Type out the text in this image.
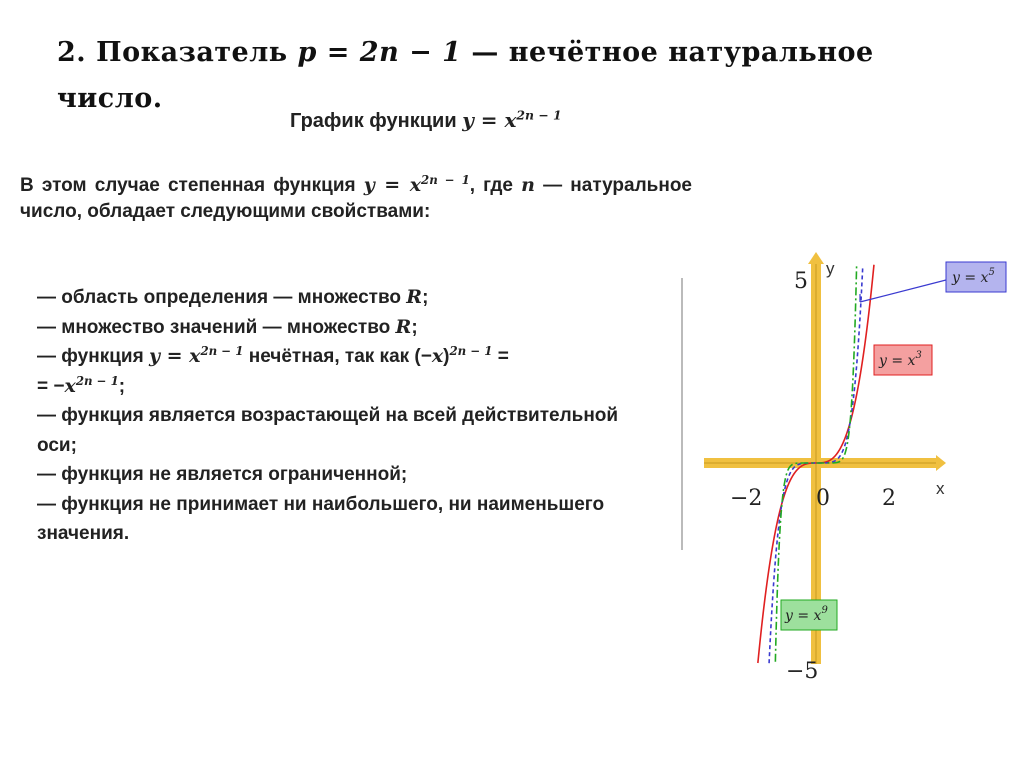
2. Показатель p = 2n − 1 — нечётное натуральное
число.
График функции $y = x^{2n - 1}$
В этом случае степенная функция $y = x^{2n - 1}$, где n — натуральное число, обладает следующими свойствами:

— область определения — множество R;

— множество значений — множество R;

— функция $y = x^{2n - 1}$ нечётная, так как $(-x)^{2n - 1}$ =

= $-x^{2n - 1}$;

— функция является возрастающей на всей действительной оси;

— функция не является ограниченной;

— функция не принимает ни наибольшего, ни наименьшего значения.

5
−5
−2 0 2 x
y	$y = x^5$
$y = x^3$
$y = x^9$
